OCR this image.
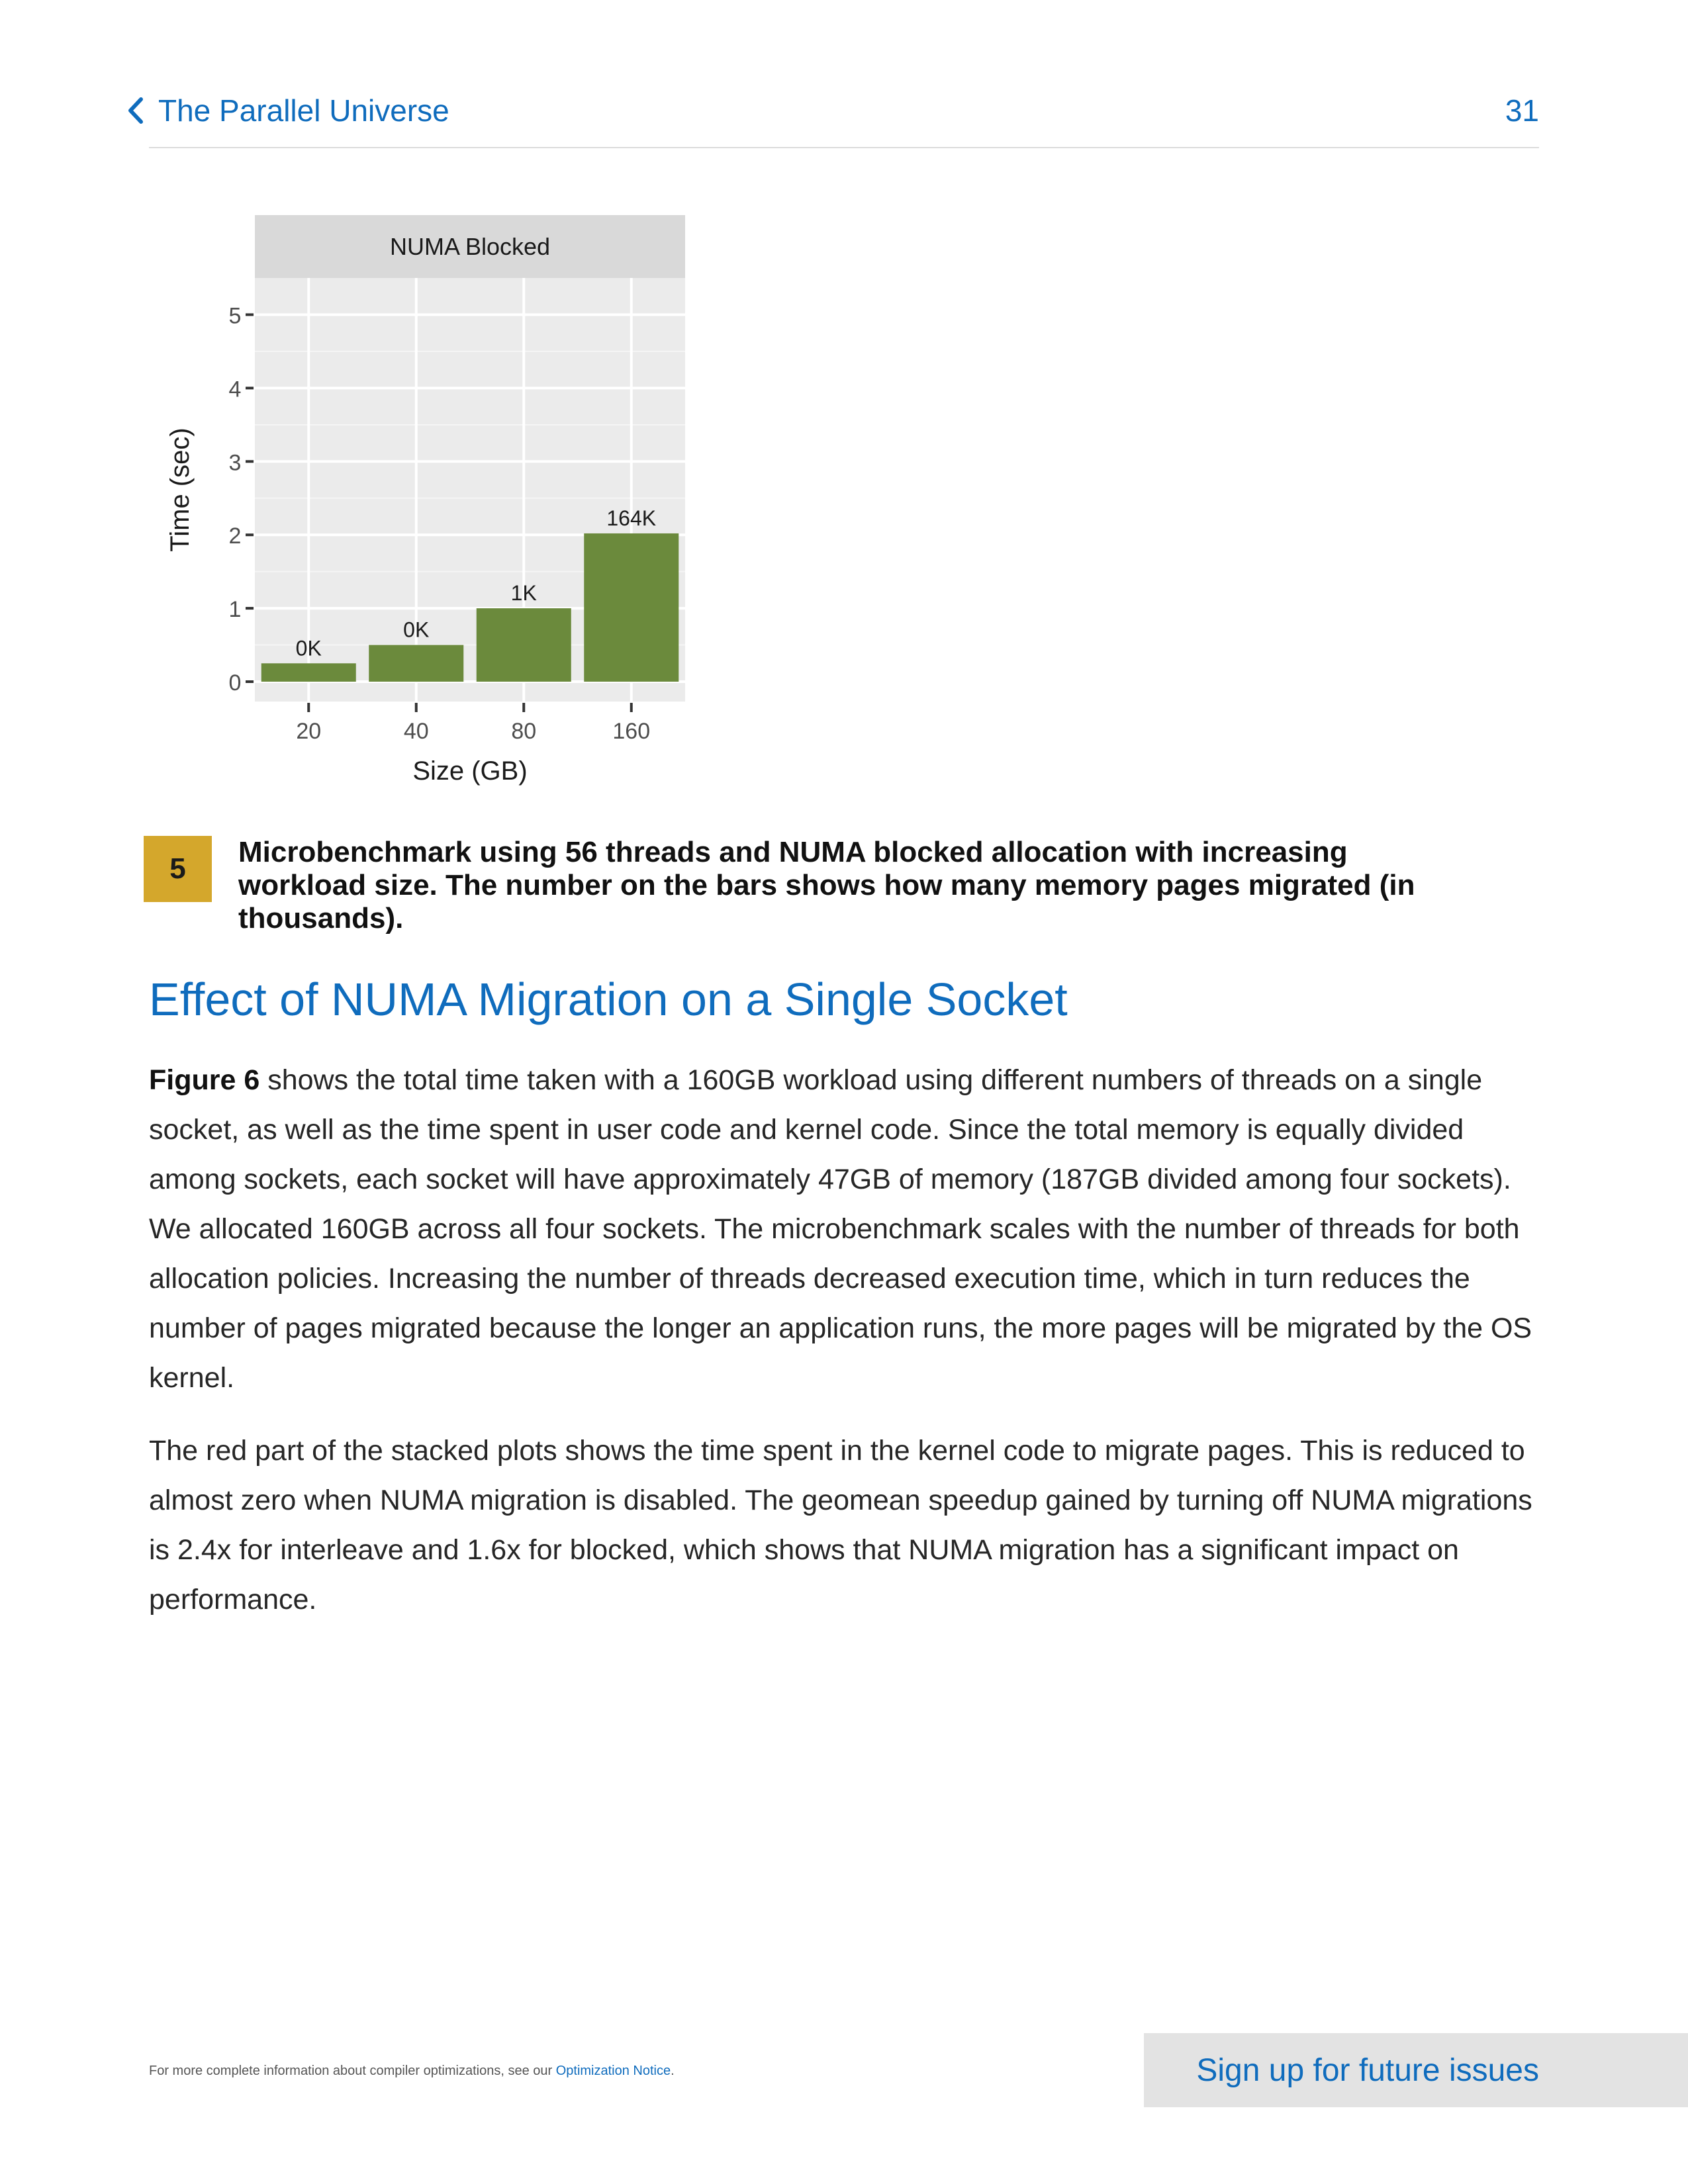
The Parallel Universe	31
NUMA Blocked
0K
0K
1K
164K
0
1
2
3
4
5
20	40	80	160
Size (GB)
Time (sec)
5
Microbenchmark using 56 threads and NUMA blocked allocation with increasing workload size. The number on the bars shows how many memory pages migrated (in thousands).
Effect of NUMA Migration on a Single Socket

Figure 6 shows the total time taken with a 160GB workload using different numbers of threads on a single socket, as well as the time spent in user code and kernel code. Since the total memory is equally divided among sockets, each socket will have approximately 47GB of memory (187GB divided among four sockets). We allocated 160GB across all four sockets. The microbenchmark scales with the number of threads for both allocation policies. Increasing the number of threads decreased execution time, which in turn reduces the number of pages migrated because the longer an application runs, the more pages will be migrated by the OS kernel.

The red part of the stacked plots shows the time spent in the kernel code to migrate pages. This is reduced to almost zero when NUMA migration is disabled. The geomean speedup gained by turning off NUMA migrations is 2.4x for interleave and 1.6x for blocked, which shows that NUMA migration has a significant impact on performance.

For more complete information about compiler optimizations, see our Optimization Notice.	Sign up for future issues
